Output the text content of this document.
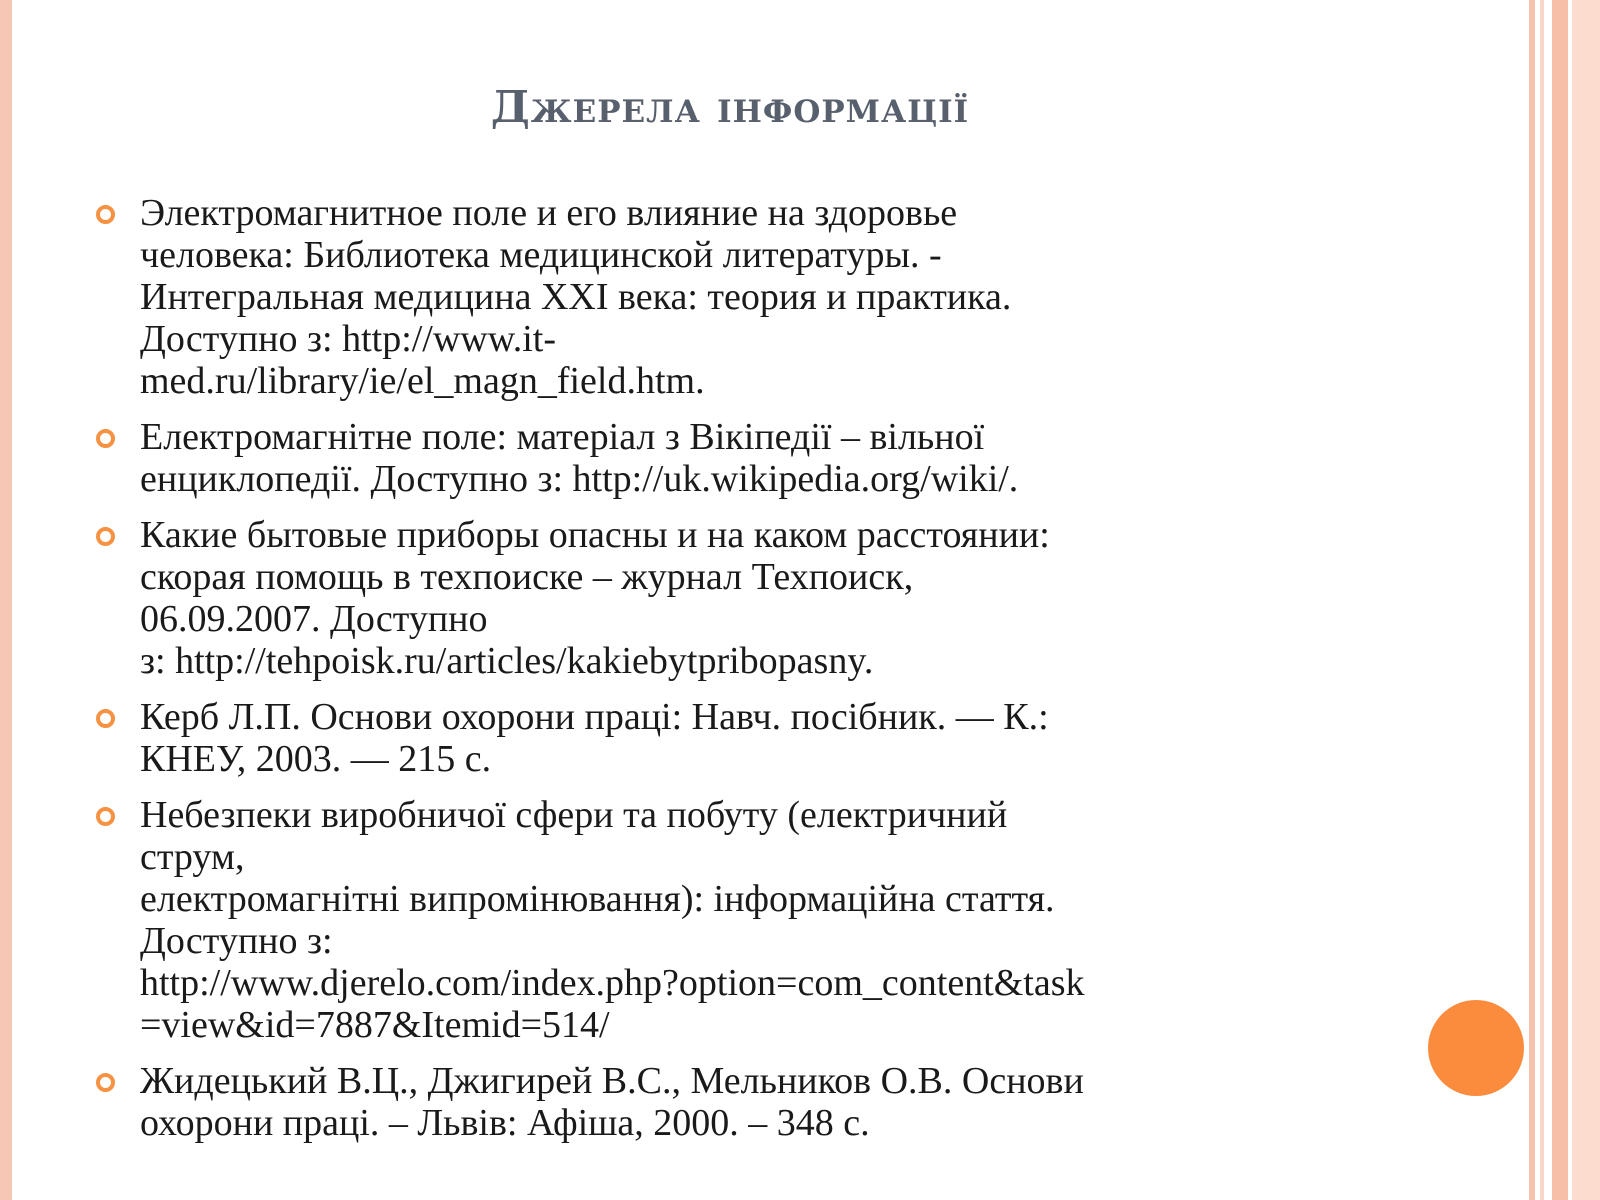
Джерела інформації
Электромагнитное поле и его влияние на здоровье
человека: Библиотека медицинской литературы. -
Интегральная медицина XXI века: теория и практика.
Доступно з: http://www.it-
med.ru/library/ie/el_magn_field.htm.
Електромагнітне поле: матеріал з Вікіпедії – вільної
енциклопедії. Доступно з: http://uk.wikipedia.org/wiki/.
Какие бытовые приборы опасны и на каком расстоянии:
скорая помощь в техпоиске – журнал Техпоиск,
06.09.2007. Доступно
з: http://tehpoisk.ru/articles/kakiebytpribopasny.
Керб Л.П. Основи охорони праці: Навч. посібник. — К.:
КНЕУ, 2003. — 215 с.
Небезпеки виробничої сфери та побуту (електричний
струм,
електромагнітні випромінювання): інформаційна стаття.
Доступно з:
http://www.djerelo.com/index.php?option=com_content&task
=view&id=7887&Itemid=514/
Жидецький В.Ц., Джигирей В.С., Мельников О.В. Основи
охорони праці. – Львів: Афіша, 2000. – 348 с.
